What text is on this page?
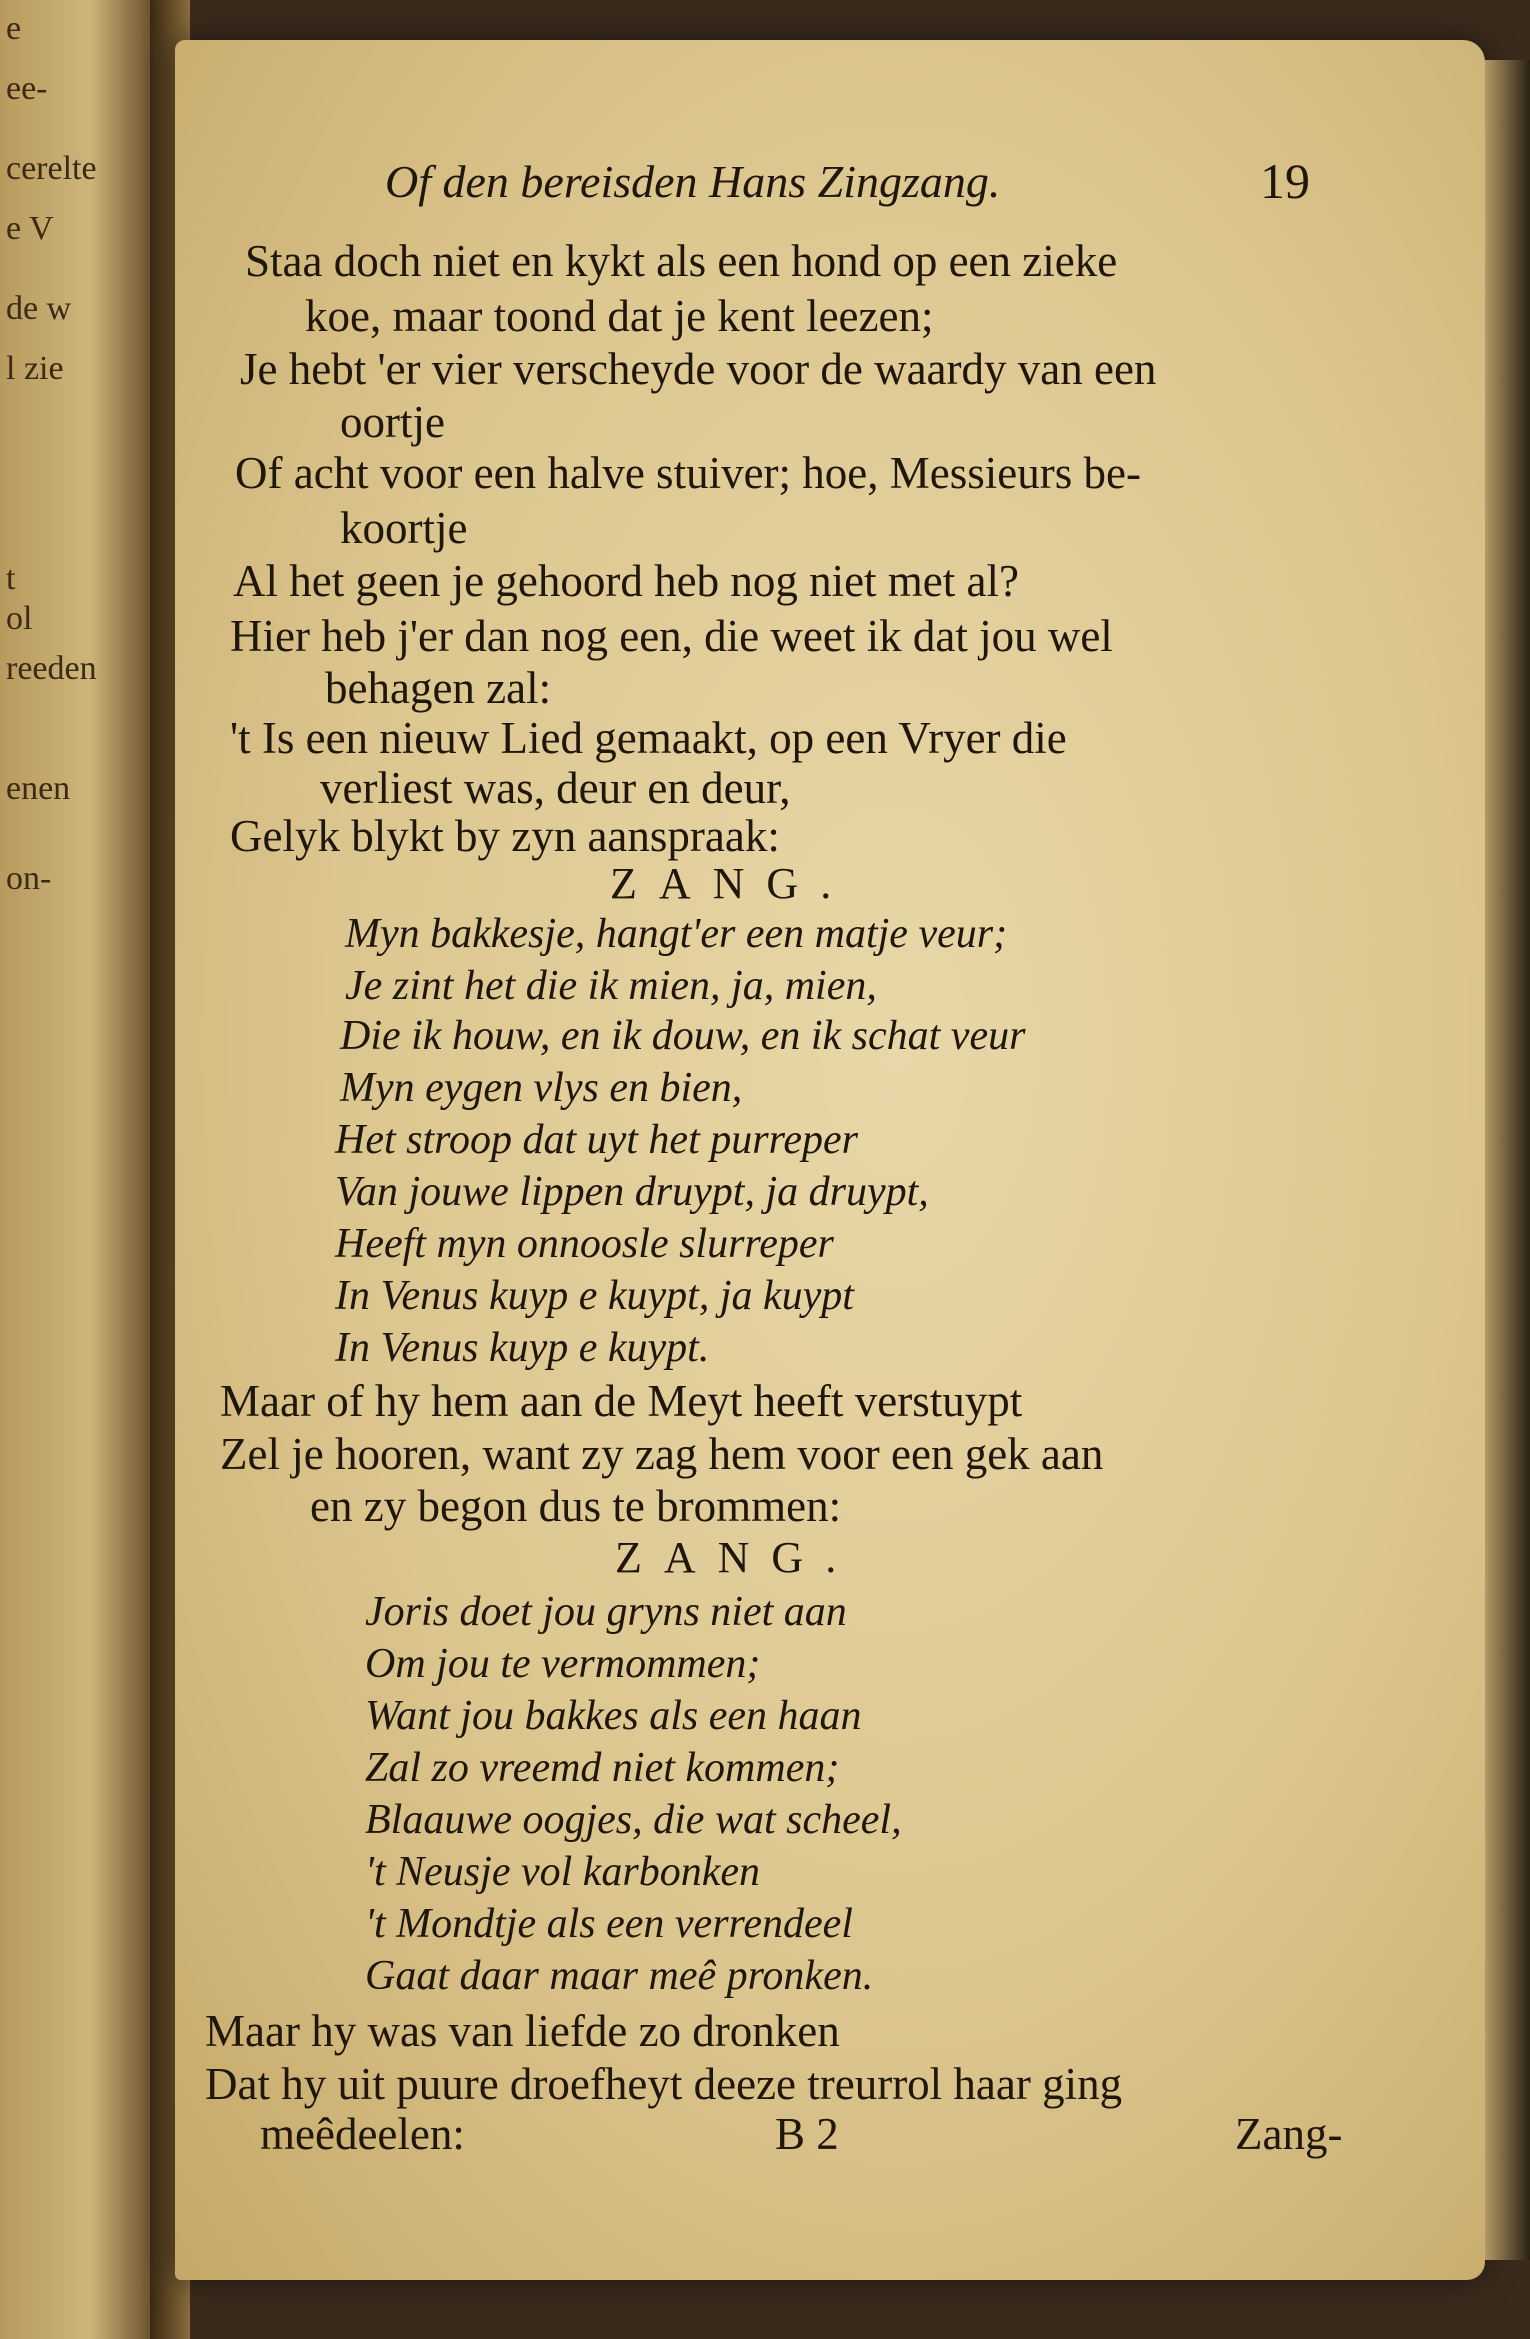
e
ee-
cerelte
e V
de w
l zie
t
ol
reeden
enen
on-
Of den bereisden Hans Zingzang.	19
Staa doch niet en kykt als een hond op een zieke
koe, maar toond dat je kent leezen;
Je hebt 'er vier verscheyde voor de waardy van een
oortje
Of acht voor een halve stuiver; hoe, Messieurs be-
koortje
Al het geen je gehoord heb nog niet met al?
Hier heb j'er dan nog een, die weet ik dat jou wel
behagen zal:
't Is een nieuw Lied gemaakt, op een Vryer die
verliest was, deur en deur,
Gelyk blykt by zyn aanspraak:
ZANG.
Myn bakkesje, hangt'er een matje veur;
Je zint het die ik mien, ja, mien,
Die ik houw, en ik douw, en ik schat veur
Myn eygen vlys en bien,
Het stroop dat uyt het purreper
Van jouwe lippen druypt, ja druypt,
Heeft myn onnoosle slurreper
In Venus kuyp e kuypt, ja kuypt
In Venus kuyp e kuypt.
Maar of hy hem aan de Meyt heeft verstuypt
Zel je hooren, want zy zag hem voor een gek aan
en zy begon dus te brommen:
ZANG.
Joris doet jou gryns niet aan
Om jou te vermommen;
Want jou bakkes als een haan
Zal zo vreemd niet kommen;
Blaauwe oogjes, die wat scheel,
't Neusje vol karbonken
't Mondtje als een verrendeel
Gaat daar maar meê pronken.
Maar hy was van liefde zo dronken
Dat hy uit puure droefheyt deeze treurrol haar ging
meêdeelen:	B 2	Zang-
